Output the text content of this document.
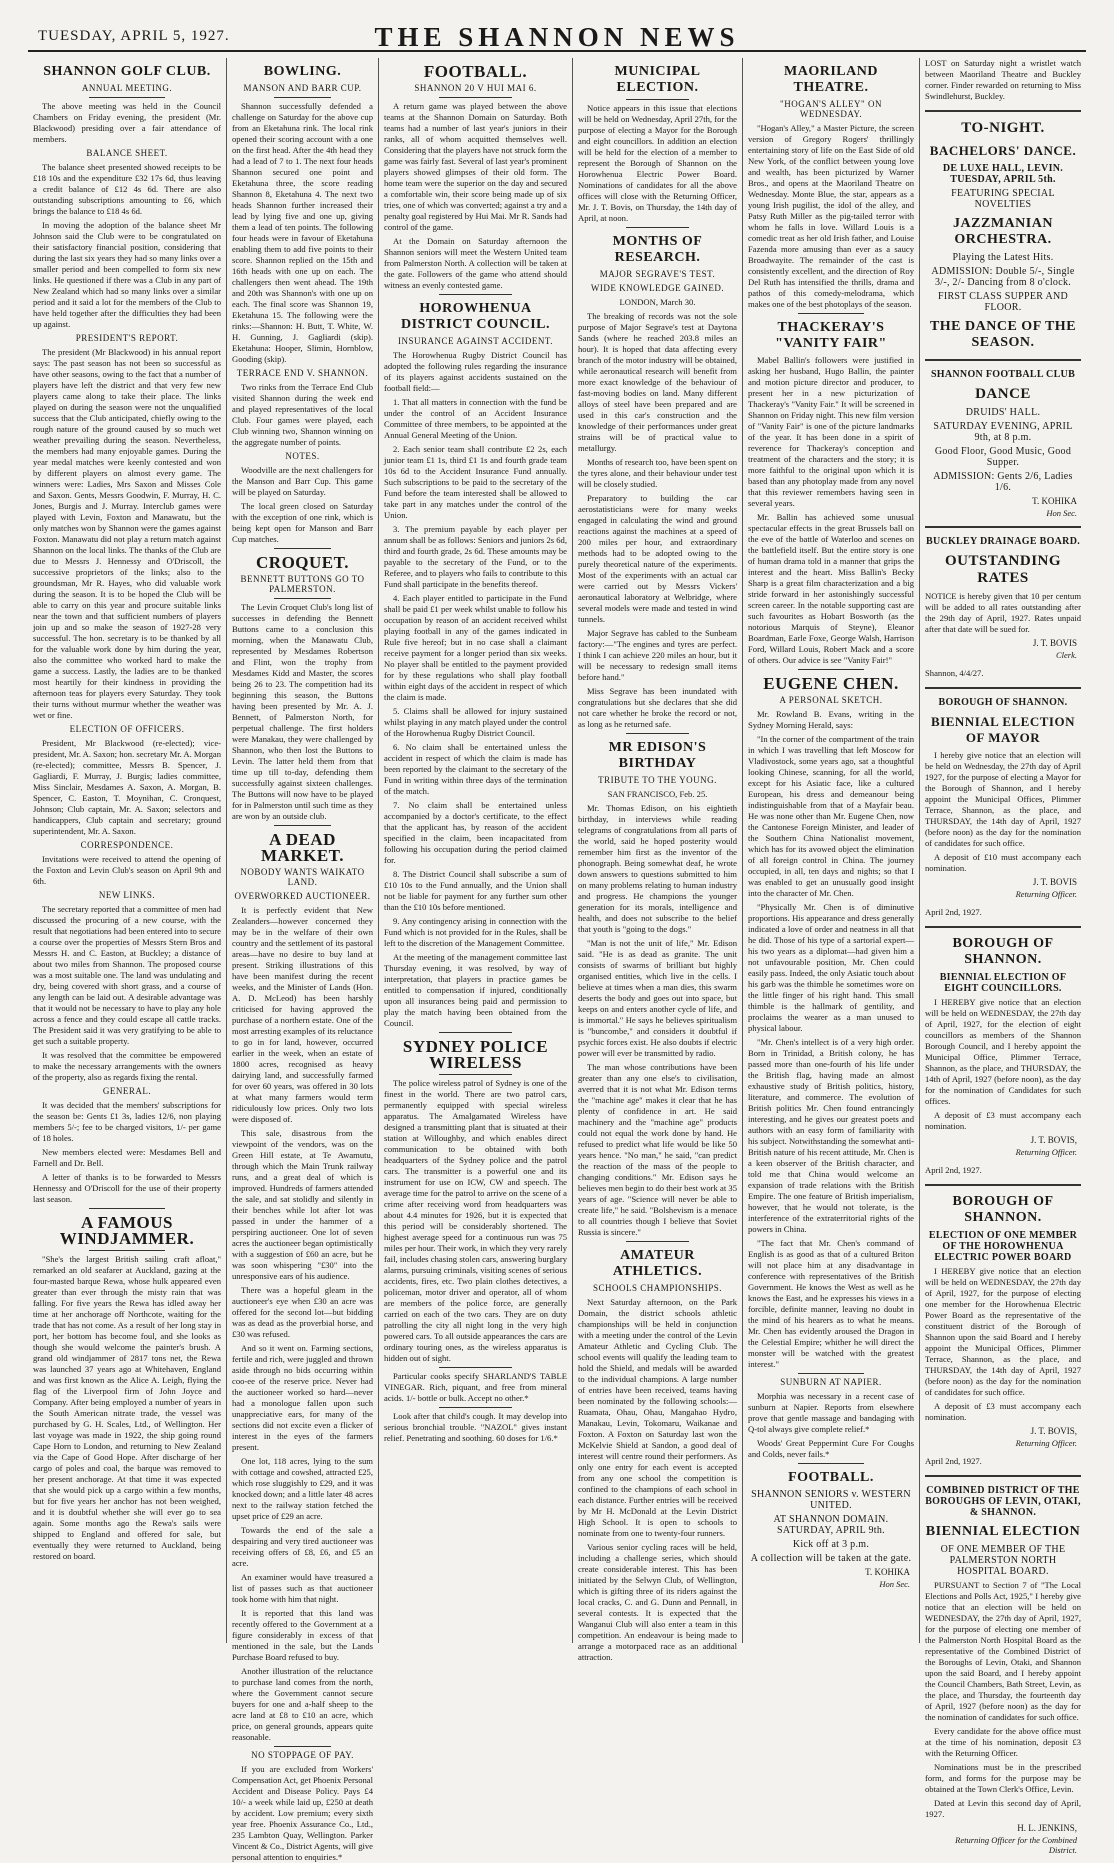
TUESDAY, APRIL 5, 1927.	THE SHANNON NEWS
SHANNON GOLF CLUB.
ANNUAL MEETING.

The above meeting was held in the Council Chambers on Friday evening, the president (Mr. Blackwood) presiding over a fair attendance of members.

BALANCE SHEET.

The balance sheet presented showed receipts to be £18 10s and the expenditure £32 17s 6d, thus leaving a credit balance of £12 4s 6d. There are also outstanding subscriptions amounting to £6, which brings the balance to £18 4s 6d.

In moving the adoption of the balance sheet Mr Johnson said the Club were to be congratulated on their satisfactory financial position, considering that during the last six years they had so many links over a smaller period and been compelled to form six new links. He questioned if there was a Club in any part of New Zealand which had so many links over a similar period and it said a lot for the members of the Club to have held together after the difficulties they had been up against.

PRESIDENT'S REPORT.

The president (Mr Blackwood) in his annual report says: The past season has not been so successful as have other seasons, owing to the fact that a number of players have left the district and that very few new players came along to take their place. The links played on during the season were not the unqualified success that the Club anticipated, chiefly owing to the rough nature of the ground caused by so much wet weather prevailing during the season. Nevertheless, the members had many enjoyable games. During the year medal matches were keenly contested and won by different players on almost every game. The winners were: Ladies, Mrs Saxon and Misses Cole and Saxon. Gents, Messrs Goodwin, F. Murray, H. C. Jones, Burgis and J. Murray. Interclub games were played with Levin, Foxton and Manawatu, but the only matches won by Shannon were the games against Foxton. Manawatu did not play a return match against Shannon on the local links. The thanks of the Club are due to Messrs J. Hennessy and O'Driscoll, the successive proprietors of the links; also to the groundsman, Mr R. Hayes, who did valuable work during the season. It is to be hoped the Club will be able to carry on this year and procure suitable links near the town and that sufficient numbers of players join up and so make the season of 1927-28 very successful. The hon. secretary is to be thanked by all for the valuable work done by him during the year, also the committee who worked hard to make the game a success. Lastly, the ladies are to be thanked most heartily for their kindness in providing the afternoon teas for players every Saturday. They took their turns without murmur whether the weather was wet or fine.

ELECTION OF OFFICERS.

President, Mr Blackwood (re-elected); vice-president, Mr. A. Saxon; hon. secretary Mr. A. Morgan (re-elected); committee, Messrs B. Spencer, J. Gagliardi, F. Murray, J. Burgis; ladies committee, Miss Sinclair, Mesdames A. Saxon, A. Morgan, B. Spencer, C. Easton, T. Moynihan, C. Cronquest, Johnson; Club captain, Mr. A. Saxon; selectors and handicappers, Club captain and secretary; ground superintendent, Mr. A. Saxon.

CORRESPONDENCE.

Invitations were received to attend the opening of the Foxton and Levin Club's season on April 9th and 6th.

NEW LINKS.

The secretary reported that a committee of men had discussed the procuring of a new course, with the result that negotiations had been entered into to secure a course over the properties of Messrs Stern Bros and Messrs H. and C. Easton, at Buckley; a distance of about two miles from Shannon. The proposed course was a most suitable one. The land was undulating and dry, being covered with short grass, and a course of any length can be laid out. A desirable advantage was that it would not be necessary to have to play any hole across a fence and they could escape all cattle tracks. The President said it was very gratifying to be able to get such a suitable property.

It was resolved that the committee be empowered to make the necessary arrangements with the owners of the property, also as regards fixing the rental.

GENERAL.

It was decided that the members' subscriptions for the season be: Gents £1 3s, ladies 12/6, non playing members 5/-; fee to be charged visitors, 1/- per game of 18 holes.

New members elected were: Mesdames Bell and Farnell and Dr. Bell.

A letter of thanks is to be forwarded to Messrs Hennessy and O'Driscoll for the use of their property last season.

A FAMOUS WINDJAMMER.

"She's the largest British sailing craft afloat," remarked an old seafarer at Auckland, gazing at the four-masted barque Rewa, whose hulk appeared even greater than ever through the misty rain that was falling. For five years the Rewa has idled away her time at her anchorage off Northcote, waiting for the trade that has not come. As a result of her long stay in port, her bottom has become foul, and she looks as though she would welcome the painter's brush. A grand old windjammer of 2817 tons net, the Rewa was launched 37 years ago at Whitehaven, England and was first known as the Alice A. Leigh, flying the flag of the Liverpool firm of John Joyce and Company. After being employed a number of years in the South American nitrate trade, the vessel was purchased by G. H. Scales, Ltd., of Wellington. Her last voyage was made in 1922, the ship going round Cape Horn to London, and returning to New Zealand via the Cape of Good Hope. After discharge of her cargo of poles and coal, the barque was removed to her present anchorage. At that time it was expected that she would pick up a cargo within a few months, but for five years her anchor has not been weighed, and it is doubtful whether she will ever go to sea again. Some months ago the Rewa's sails were shipped to England and offered for sale, but eventually they were returned to Auckland, being restored on board.

BOWLING.
MANSON AND BARR CUP.

Shannon successfully defended a challenge on Saturday for the above cup from an Eketahuna rink. The local rink opened their scoring account with a one on the first head. After the 4th head they had a lead of 7 to 1. The next four heads Shannon secured one point and Eketahuna three, the score reading Shannon 8, Eketahuna 4. The next two heads Shannon further increased their lead by lying five and one up, giving them a lead of ten points. The following four heads were in favour of Eketahuna enabling them to add five points to their score. Shannon replied on the 15th and 16th heads with one up on each. The challengers then went ahead. The 19th and 20th was Shannon's with one up on each. The final score was Shannon 19, Eketahuna 15. The following were the rinks:—Shannon: H. Butt, T. White, W. H. Gunning, J. Gagliardi (skip). Eketahuna: Hooper, Slimin, Hornblow, Gooding (skip).

TERRACE END V. SHANNON.

Two rinks from the Terrace End Club visited Shannon during the week end and played representatives of the local Club. Four games were played, each Club winning two, Shannon winning on the aggregate number of points.

NOTES.

Woodville are the next challengers for the Manson and Barr Cup. This game will be played on Saturday.

The local green closed on Saturday with the exception of one rink, which is being kept open for Manson and Barr Cup matches.

CROQUET.
BENNETT BUTTONS GO TO PALMERSTON.

The Levin Croquet Club's long list of successes in defending the Bennett Buttons came to a conclusion this morning, when the Manawatu Club, represented by Mesdames Robertson and Flint, won the trophy from Mesdames Kidd and Master, the scores being 26 to 23. The competition had its beginning this season, the Buttons having been presented by Mr. A. J. Bennett, of Palmerston North, for perpetual challenge. The first holders were Manakau, they were challenged by Shannon, who then lost the Buttons to Levin. The latter held them from that time up till to-day, defending them successfully against sixteen challenges. The Buttons will now have to be played for in Palmerston until such time as they are won by an outside club.

A DEAD MARKET.
NOBODY WANTS WAIKATO LAND.
OVERWORKED AUCTIONEER.

It is perfectly evident that New Zealanders—however concerned they may be in the welfare of their own country and the settlement of its pastoral areas—have no desire to buy land at present. Striking illustrations of this have been manifest during the recent weeks, and the Minister of Lands (Hon. A. D. McLeod) has been harshly criticised for having approved the purchase of a northern estate. One of the most arresting examples of its reluctance to go in for land, however, occurred earlier in the week, when an estate of 1800 acres, recognised as heavy dairying land, and successfully farmed for over 60 years, was offered in 30 lots at what many farmers would term ridiculously low prices. Only two lots were disposed of.

This sale, disastrous from the viewpoint of the vendors, was on the Green Hill estate, at Te Awamutu, through which the Main Trunk railway runs, and a great deal of which is improved. Hundreds of farmers attended the sale, and sat stolidly and silently in their benches while lot after lot was passed in under the hammer of a perspiring auctioneer. One lot of seven acres the auctioneer began optimistically with a suggestion of £60 an acre, but he was soon whispering "£30" into the unresponsive ears of his audience.

There was a hopeful gleam in the auctioneer's eye when £30 an acre was offered for the second lot—but bidding was as dead as the proverbial horse, and £30 was refused.

And so it went on. Farming sections, fertile and rich, were juggled and thrown aside through no bids occurring within coo-ee of the reserve price. Never had the auctioneer worked so hard—never had a monologue fallen upon such unappreciative ears, for many of the sections did not excite even a flicker of interest in the eyes of the farmers present.

One lot, 118 acres, lying to the sum with cottage and cowshed, attracted £25, which rose sluggishly to £29, and it was knocked down; and a little later 48 acres next to the railway station fetched the upset price of £29 an acre.

Towards the end of the sale a despairing and very tired auctioneer was receiving offers of £8, £6, and £5 an acre.

An examiner would have treasured a list of passes such as that auctioneer took home with him that night.

It is reported that this land was recently offered to the Government at a figure considerably in excess of that mentioned in the sale, but the Lands Purchase Board refused to buy.

Another illustration of the reluctance to purchase land comes from the north, where the Government cannot secure buyers for one and a-half sheep to the acre land at £8 to £10 an acre, which price, on general grounds, appears quite reasonable.

NO STOPPAGE OF PAY.

If you are excluded from Workers' Compensation Act, get Phoenix Personal Accident and Disease Policy. Pays £4 10/- a week while laid up, £250 at death by accident. Low premium; every sixth year free. Phoenix Assurance Co., Ltd., 235 Lambton Quay, Wellington. Parker Vincent & Co., District Agents, will give personal attention to enquiries.*

FOOTBALL.
SHANNON 20 V HUI MAI 6.

A return game was played between the above teams at the Shannon Domain on Saturday. Both teams had a number of last year's juniors in their ranks, all of whom acquitted themselves well. Considering that the players have not struck form the game was fairly fast. Several of last year's prominent players showed glimpses of their old form. The home team were the superior on the day and secured a comfortable win, their score being made up of six tries, one of which was converted; against a try and a penalty goal registered by Hui Mai. Mr R. Sands had control of the game.

At the Domain on Saturday afternoon the Shannon seniors will meet the Western United team from Palmerston North. A collection will be taken at the gate. Followers of the game who attend should witness an evenly contested game.

HOROWHENUA DISTRICT COUNCIL.
INSURANCE AGAINST ACCIDENT.

The Horowhenua Rugby District Council has adopted the following rules regarding the insurance of its players against accidents sustained on the football field:—

1. That all matters in connection with the fund be under the control of an Accident Insurance Committee of three members, to be appointed at the Annual General Meeting of the Union.

2. Each senior team shall contribute £2 2s, each junior team £1 1s, third £1 1s and fourth grade team 10s 6d to the Accident Insurance Fund annually. Such subscriptions to be paid to the secretary of the Fund before the team interested shall be allowed to take part in any matches under the control of the Union.

3. The premium payable by each player per annum shall be as follows: Seniors and juniors 2s 6d, third and fourth grade, 2s 6d. These amounts may be payable to the secretary of the Fund, or to the Referee, and to players who fails to contribute to this Fund shall participate in the benefits thereof.

4. Each player entitled to participate in the Fund shall be paid £1 per week whilst unable to follow his occupation by reason of an accident received whilst playing football in any of the games indicated in Rule five hereof; but in no case shall a claimant receive payment for a longer period than six weeks. No player shall be entitled to the payment provided for by these regulations who shall play football within eight days of the accident in respect of which the claim is made.

5. Claims shall be allowed for injury sustained whilst playing in any match played under the control of the Horowhenua Rugby District Council.

6. No claim shall be entertained unless the accident in respect of which the claim is made has been reported by the claimant to the secretary of the Fund in writing within three days of the termination of the match.

7. No claim shall be entertained unless accompanied by a doctor's certificate, to the effect that the applicant has, by reason of the accident specified in the claim, been incapacitated from following his occupation during the period claimed for.

8. The District Council shall subscribe a sum of £10 10s to the Fund annually, and the Union shall not be liable for payment for any further sum other than the £10 10s before mentioned.

9. Any contingency arising in connection with the Fund which is not provided for in the Rules, shall be left to the discretion of the Management Committee.

At the meeting of the management committee last Thursday evening, it was resolved, by way of interpretation, that players in practice games be entitled to compensation if injured, conditionally upon all insurances being paid and permission to play the match having been obtained from the Council.

SYDNEY POLICE WIRELESS

The police wireless patrol of Sydney is one of the finest in the world. There are two patrol cars, permanently equipped with special wireless apparatus. The Amalgamated Wireless have designed a transmitting plant that is situated at their station at Willoughby, and which enables direct communication to be obtained with both headquarters of the Sydney police and the patrol cars. The transmitter is a powerful one and its instrument for use on ICW, CW and speech. The average time for the patrol to arrive on the scene of a crime after receiving word from headquarters was about 4.4 minutes for 1926, but it is expected that this period will be considerably shortened. The highest average speed for a continuous run was 75 miles per hour. Their work, in which they very rarely fail, includes chasing stolen cars, answering burglary alarms, pursuing criminals, visiting scenes of serious accidents, fires, etc. Two plain clothes detectives, a policeman, motor driver and operator, all of whom are members of the police force, are generally carried on each of the two cars. They are on duty patrolling the city all night long in the very high powered cars. To all outside appearances the cars are ordinary touring ones, as the wireless apparatus is hidden out of sight.

Particular cooks specify SHARLAND'S TABLE VINEGAR. Rich, piquant, and free from mineral acids. 1/- bottle or bulk. Accept no other.*

Look after that child's cough. It may develop into serious bronchial trouble. "NAZOL" gives instant relief. Penetrating and soothing. 60 doses for 1/6.*

MUNICIPAL ELECTION.

Notice appears in this issue that elections will be held on Wednesday, April 27th, for the purpose of electing a Mayor for the Borough and eight councillors. In addition an election will be held for the election of a member to represent the Borough of Shannon on the Horowhenua Electric Power Board. Nominations of candidates for all the above offices will close with the Returning Officer, Mr. J. T. Bovis, on Thursday, the 14th day of April, at noon.

MONTHS OF RESEARCH.
MAJOR SEGRAVE'S TEST.
WIDE KNOWLEDGE GAINED.

LONDON, March 30.

The breaking of records was not the sole purpose of Major Segrave's test at Daytona Sands (where he reached 203.8 miles an hour). It is hoped that data affecting every branch of the motor industry will be obtained, while aeronautical research will benefit from more exact knowledge of the behaviour of fast-moving bodies on land. Many different alloys of steel have been prepared and are used in this car's construction and the knowledge of their performances under great strains will be of practical value to metallurgy.

Months of research too, have been spent on the tyres alone, and their behaviour under test will be closely studied.

Preparatory to building the car aerostatisticians were for many weeks engaged in calculating the wind and ground reactions against the machines at a speed of 200 miles per hour, and extraordinary methods had to be adopted owing to the purely theoretical nature of the experiments. Most of the experiments with an actual car were carried out by Messrs Vickers' aeronautical laboratory at Welbridge, where several models were made and tested in wind tunnels.

Major Segrave has cabled to the Sunbeam factory:—"The engines and tyres are perfect. I think I can achieve 220 miles an hour, but it will be necessary to redesign small items before hand."

Miss Segrave has been inundated with congratulations but she declares that she did not care whether he broke the record or not, as long as he returned safe.

MR EDISON'S BIRTHDAY
TRIBUTE TO THE YOUNG.

SAN FRANCISCO, Feb. 25.

Mr. Thomas Edison, on his eightieth birthday, in interviews while reading telegrams of congratulations from all parts of the world, said he hoped posterity would remember him first as the inventor of the phonograph. Being somewhat deaf, he wrote down answers to questions submitted to him on many problems relating to human industry and progress. He champions the younger generation for its morals, intelligence and health, and does not subscribe to the belief that youth is "going to the dogs."

"Man is not the unit of life," Mr. Edison said. "He is as dead as granite. The unit consists of swarms of brilliant but highly organised entities, which live in the cells. I believe at times when a man dies, this swarm deserts the body and goes out into space, but keeps on and enters another cycle of life, and is immortal." He says he believes spiritualism is "buncombe," and considers it doubtful if psychic forces exist. He also doubts if electric power will ever be transmitted by radio.

The man whose contributions have been greater than any one else's to civilisation, averred that it is not what Mr. Edison terms the "machine age" makes it clear that he has plenty of confidence in art. He said machinery and the "machine age" products could not equal the work done by hand. He refused to predict what life would be like 50 years hence. "No man," he said, "can predict the reaction of the mass of the people to changing conditions." Mr. Edison says he believes men begin to do their best work at 35 years of age. "Science will never be able to create life," he said. "Bolshevism is a menace to all countries though I believe that Soviet Russia is sincere."

AMATEUR ATHLETICS.
SCHOOLS CHAMPIONSHIPS.

Next Saturday afternoon, on the Park Domain, the district schools athletic championships will be held in conjunction with a meeting under the control of the Levin Amateur Athletic and Cycling Club. The school events will qualify the leading team to hold the Shield, and medals will be awarded to the individual champions. A large number of entries have been received, teams having been nominated by the following schools:—Ruamata, Ohau, Ohau, Mangahao Hydro, Manakau, Levin, Tokomaru, Waikanae and Foxton. A Foxton on Saturday last won the McKelvie Shield at Sandon, a good deal of interest will centre round their performers. As only one entry for each event is accepted from any one school the competition is confined to the champions of each school in each distance. Further entries will be received by Mr H. McDonald at the Levin District High School. It is open to schools to nominate from one to twenty-four runners.

Various senior cycling races will be held, including a challenge series, which should create considerable interest. This has been initiated by the Selwyn Club, of Wellington, which is gifting three of its riders against the local cracks, C. and G. Dunn and Pennall, in several contests. It is expected that the Wanganui Club will also enter a team in this competition. An endeavour is being made to arrange a motorpaced race as an additional attraction.

MAORILAND THEATRE.
"HOGAN'S ALLEY" ON WEDNESDAY.

"Hogan's Alley," a Master Picture, the screen version of Gregory Rogers' thrillingly entertaining story of life on the East Side of old New York, of the conflict between young love and wealth, has been picturized by Warner Bros., and opens at the Maoriland Theatre on Wednesday. Monte Blue, the star, appears as a young Irish pugilist, the idol of the alley, and Patsy Ruth Miller as the pig-tailed terror with whom he falls in love. Willard Louis is a comedic treat as her old Irish father, and Louise Fazenda more amusing than ever as a saucy Broadwayite. The remainder of the cast is consistently excellent, and the direction of Roy Del Ruth has intensified the thrills, drama and pathos of this comedy-melodrama, which makes one of the best photoplays of the season.

THACKERAY'S "VANITY FAIR"

Mabel Ballin's followers were justified in asking her husband, Hugo Ballin, the painter and motion picture director and producer, to present her in a new picturization of Thackeray's "Vanity Fair." It will be screened in Shannon on Friday night. This new film version of "Vanity Fair" is one of the picture landmarks of the year. It has been done in a spirit of reverence for Thackeray's conception and treatment of the characters and the story; it is more faithful to the original upon which it is based than any photoplay made from any novel that this reviewer remembers having seen in several years.

Mr. Ballin has achieved some unusual spectacular effects in the great Brussels ball on the eve of the battle of Waterloo and scenes on the battlefield itself. But the entire story is one of human drama told in a manner that grips the interest and the heart. Miss Ballin's Becky Sharp is a great film characterization and a big stride forward in her astonishingly successful screen career. In the notable supporting cast are such favourites as Hobart Bosworth (as the notorious Marquis of Steyne), Eleanor Boardman, Earle Foxe, George Walsh, Harrison Ford, Willard Louis, Robert Mack and a score of others. Our advice is see "Vanity Fair!"

EUGENE CHEN.
A PERSONAL SKETCH.

Mr. Rowland B. Evans, writing in the Sydney Morning Herald, says:

"In the corner of the compartment of the train in which I was travelling that left Moscow for Vladivostock, some years ago, sat a thoughtful looking Chinese, scanning, for all the world, except for his Asiatic face, like a cultured European, his dress and demeanour being indistinguishable from that of a Mayfair beau. He was none other than Mr. Eugene Chen, now the Cantonese Foreign Minister, and leader of the Southern China Nationalist movement, which has for its avowed object the elimination of all foreign control in China. The journey occupied, in all, ten days and nights; so that I was enabled to get an unusually good insight into the character of Mr. Chen.

"Physically Mr. Chen is of diminutive proportions. His appearance and dress generally indicated a love of order and neatness in all that he did. Those of his type of a sartorial expert—his two years as a diplomat—had given him a not unfavourable position, Mr. Chen could easily pass. Indeed, the only Asiatic touch about his garb was the thimble he sometimes wore on the little finger of his right hand. This small thimble is the hallmark of gentility, and proclaims the wearer as a man unused to physical labour.

"Mr. Chen's intellect is of a very high order. Born in Trinidad, a British colony, he has passed more than one-fourth of his life under the British flag, having made an almost exhaustive study of British politics, history, literature, and commerce. The evolution of British politics Mr. Chen found entrancingly interesting, and he gives our greatest poets and authors with an easy form of familiarity with his subject. Notwithstanding the somewhat anti-British nature of his recent attitude, Mr. Chen is a keen observer of the British character, and told me that China would welcome an expansion of trade relations with the British Empire. The one feature of British imperialism, however, that he would not tolerate, is the interference of the extraterritorial rights of the powers in China.

"The fact that Mr. Chen's command of English is as good as that of a cultured Briton will not place him at any disadvantage in conference with representatives of the British Government. He knows the West as well as he knows the East, and he expresses his views in a forcible, definite manner, leaving no doubt in the mind of his hearers as to what he means. Mr. Chen has evidently aroused the Dragon in the Celestial Empire; whither he will direct the monster will be watched with the greatest interest."

SUNBURN AT NAPIER.

Morphia was necessary in a recent case of sunburn at Napier. Reports from elsewhere prove that gentle massage and bandaging with Q-tol always give complete relief.*

Woods' Great Peppermint Cure For Coughs and Colds, never fails.*

FOOTBALL.
SHANNON SENIORS v. WESTERN UNITED.
AT SHANNON DOMAIN. SATURDAY, APRIL 9th.
Kick off at 3 p.m.
A collection will be taken at the gate.
T. KOHIKA
Hon Sec.

LOST on Saturday night a wristlet watch between Maoriland Theatre and Buckley corner. Finder rewarded on returning to Miss Swindlehurst, Buckley.

TO-NIGHT.
BACHELORS' DANCE.
DE LUXE HALL, LEVIN. TUESDAY, APRIL 5th.
FEATURING SPECIAL NOVELTIES
JAZZMANIAN ORCHESTRA.
Playing the Latest Hits.
ADMISSION: Double 5/-, Single 3/-, 2/- Dancing from 8 o'clock.
FIRST CLASS SUPPER AND FLOOR.
THE DANCE OF THE SEASON.
SHANNON FOOTBALL CLUB
DANCE
DRUIDS' HALL.
SATURDAY EVENING, APRIL 9th, at 8 p.m.
Good Floor, Good Music, Good Supper.
ADMISSION: Gents 2/6, Ladies 1/6.
T. KOHIKA
Hon Sec.
BUCKLEY DRAINAGE BOARD.
OUTSTANDING RATES

NOTICE is hereby given that 10 per centum will be added to all rates outstanding after the 29th day of April, 1927. Rates unpaid after that date will be sued for.

J. T. BOVIS
Clerk.

Shannon, 4/4/27.

BOROUGH OF SHANNON.
BIENNIAL ELECTION OF MAYOR

I hereby give notice that an election will be held on Wednesday, the 27th day of April 1927, for the purpose of electing a Mayor for the Borough of Shannon, and I hereby appoint the Municipal Offices, Plimmer Terrace, Shannon, as the place, and THURSDAY, the 14th day of April, 1927 (before noon) as the day for the nomination of candidates for such office.

A deposit of £10 must accompany each nomination.

J. T. BOVIS
Returning Officer.

April 2nd, 1927.

BOROUGH OF SHANNON.
BIENNIAL ELECTION OF EIGHT COUNCILLORS.

I HEREBY give notice that an election will be held on WEDNESDAY, the 27th day of April, 1927, for the election of eight councillors as members of the Shannon Borough Council, and I hereby appoint the Municipal Office, Plimmer Terrace, Shannon, as the place, and THURSDAY, the 14th of April, 1927 (before noon), as the day for the nomination of Candidates for such offices.

A deposit of £3 must accompany each nomination.

J. T. BOVIS,
Returning Officer.

April 2nd, 1927.

BOROUGH OF SHANNON.
ELECTION OF ONE MEMBER OF THE HOROWHENUA ELECTRIC POWER BOARD

I HEREBY give notice that an election will be held on WEDNESDAY, the 27th day of April, 1927, for the purpose of electing one member for the Horowhenua Electric Power Board as the representative of the constituent district of the Borough of Shannon upon the said Board and I hereby appoint the Municipal Offices, Plimmer Terrace, Shannon, as the place, and THURSDAY, the 14th day of April, 1927 (before noon) as the day for the nomination of candidates for such office.

A deposit of £3 must accompany each nomination.

J. T. BOVIS,
Returning Officer.

April 2nd, 1927.

COMBINED DISTRICT OF THE BOROUGHS OF LEVIN, OTAKI, & SHANNON.
BIENNIAL ELECTION
OF ONE MEMBER OF THE PALMERSTON NORTH HOSPITAL BOARD.

PURSUANT to Section 7 of "The Local Elections and Polls Act, 1925," I hereby give notice that an election will be held on WEDNESDAY, the 27th day of April, 1927, for the purpose of electing one member of the Palmerston North Hospital Board as the representative of the Combined District of the Boroughs of Levin, Otaki, and Shannon upon the said Board, and I hereby appoint the Council Chambers, Bath Street, Levin, as the place, and Thursday, the fourteenth day of April, 1927 (before noon) as the day for the nomination of candidates for such office.

Every candidate for the above office must at the time of his nomination, deposit £3 with the Returning Officer.

Nominations must be in the prescribed form, and forms for the purpose may be obtained at the Town Clerk's Office, Levin.

Dated at Levin this second day of April, 1927.

H. L. JENKINS,
Returning Officer for the Combined District.
